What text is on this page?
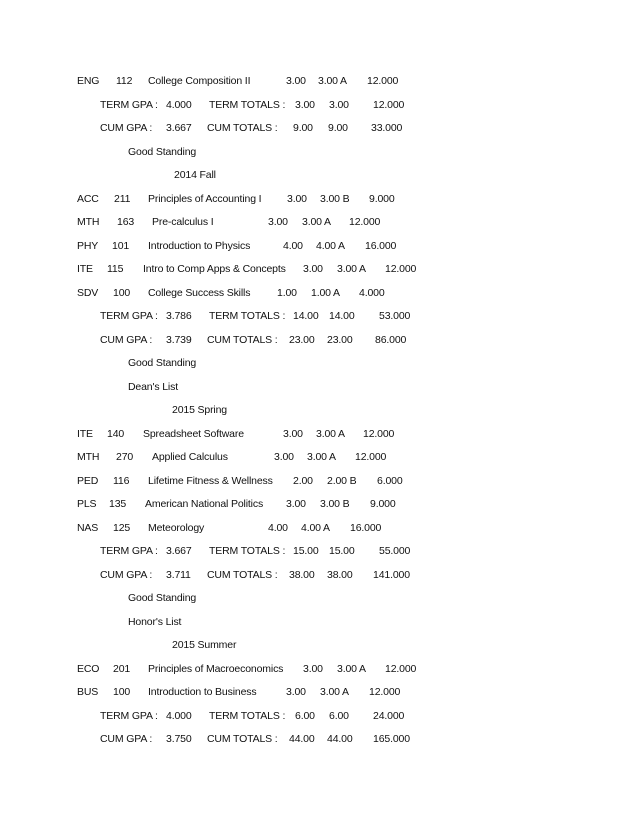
ENG 112 College Composition II	3.00 3.00 A 12.000
TERM GPA : 4.000 TERM TOTALS : 3.00 3.00 12.000
CUM GPA : 3.667 CUM TOTALS : 9.00 9.00 33.000
Good Standing
2014 Fall
ACC 211 Principles of Accounting I 3.00 3.00 B 9.000
MTH 163 Pre-calculus I	3.00 3.00 A 12.000
PHY 101 Introduction to Physics	4.00 4.00 A 16.000
ITE 115 Intro to Comp Apps & Concepts 3.00 3.00 A 12.000
SDV 100 College Success Skills	1.00 1.00 A 4.000
TERM GPA : 3.786 TERM TOTALS : 14.00 14.00 53.000
CUM GPA : 3.739 CUM TOTALS : 23.00 23.00 86.000
Good Standing
Dean's List
2015 Spring
ITE 140 Spreadsheet Software	3.00 3.00 A 12.000
MTH 270 Applied Calculus	3.00 3.00 A 12.000
PED 116 Lifetime Fitness & Wellness 2.00 2.00 B 6.000
PLS 135 American National Politics 3.00 3.00 B 9.000
NAS 125 Meteorology	4.00 4.00 A 16.000
TERM GPA : 3.667 TERM TOTALS : 15.00 15.00 55.000
CUM GPA : 3.711 CUM TOTALS : 38.00 38.00 141.000
Good Standing
Honor's List
2015 Summer
ECO 201 Principles of Macroeconomics 3.00 3.00 A 12.000
BUS 100 Introduction to Business	3.00 3.00 A 12.000
TERM GPA : 4.000 TERM TOTALS : 6.00 6.00 24.000
CUM GPA : 3.750 CUM TOTALS : 44.00 44.00 165.000
